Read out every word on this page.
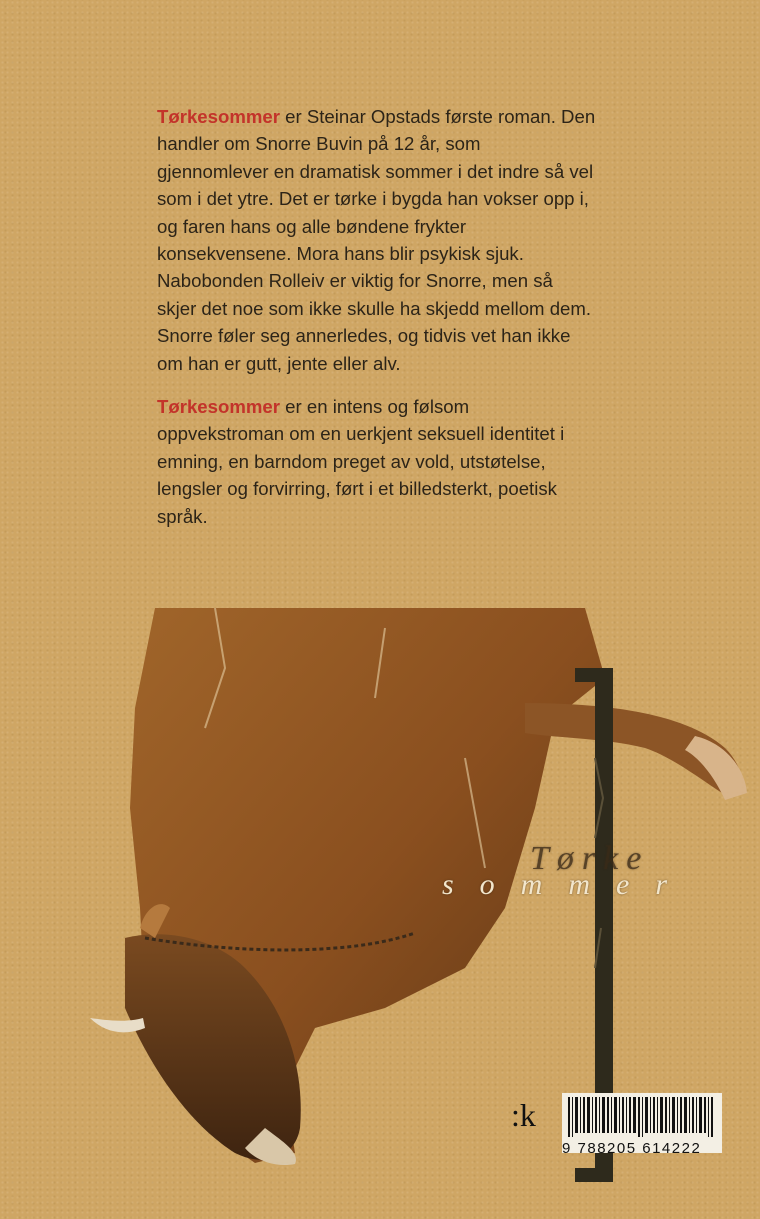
Tørkesommer er Steinar Opstads første roman. Den handler om Snorre Buvin på 12 år, som gjennomlever en dramatisk sommer i det indre så vel som i det ytre. Det er tørke i bygda han vokser opp i, og faren hans og alle bøndene frykter konsekvensene. Mora hans blir psykisk sjuk. Nabobonden Rolleiv er viktig for Snorre, men så skjer det noe som ikke skulle ha skjedd mellom dem. Snorre føler seg annerledes, og tidvis vet han ikke om han er gutt, jente eller alv.

Tørkesommer er en intens og følsom oppvekstroman om en uerkjent seksuell identitet i emning, en barndom preget av vold, utstøtelse, lengsler og forvirring, ført i et billedsterkt, poetisk språk.

Tørke
sommer
:k
9 788205 614222
